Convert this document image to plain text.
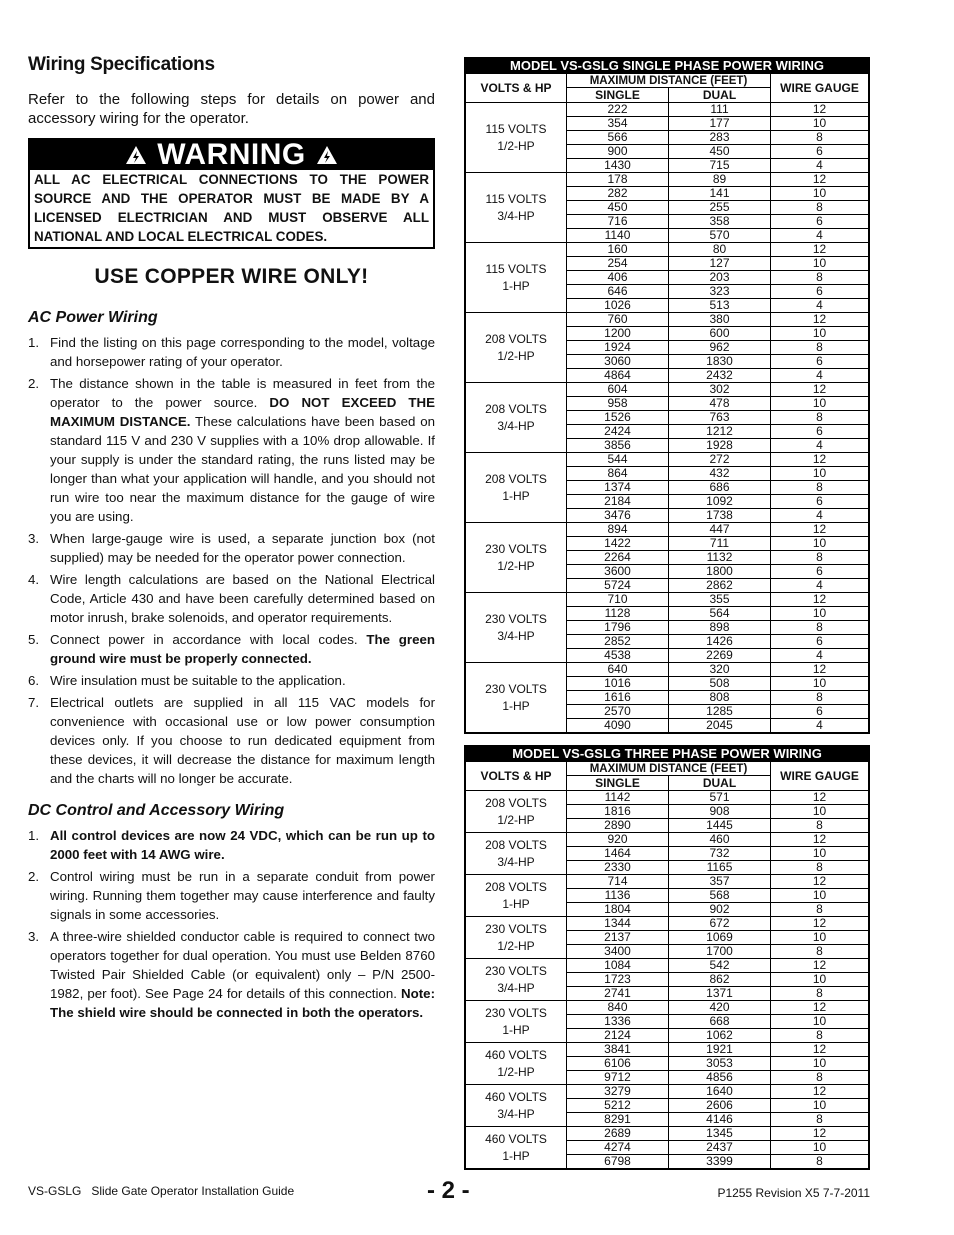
Wiring Specifications

Refer to the following steps for details on power and accessory wiring for the operator.

WARNING
ALL AC ELECTRICAL CONNECTIONS TO THE POWER SOURCE AND THE OPERATOR MUST BE MADE BY A LICENSED ELECTRICIAN AND MUST OBSERVE ALL NATIONAL AND LOCAL ELECTRICAL CODES.
USE COPPER WIRE ONLY!
AC Power Wiring
1. Find the listing on this page corresponding to the model, voltage and horsepower rating of your operator.
2. The distance shown in the table is measured in feet from the operator to the power source. DO NOT EXCEED THE MAXIMUM DISTANCE. These calculations have been based on standard 115 V and 230 V supplies with a 10% drop allowable. If your supply is under the standard rating, the runs listed may be longer than what your application will handle, and you should not run wire too near the maximum distance for the gauge of wire you are using.
3. When large-gauge wire is used, a separate junction box (not supplied) may be needed for the operator power connection.
4. Wire length calculations are based on the National Electrical Code, Article 430 and have been carefully determined based on motor inrush, brake solenoids, and operator requirements.
5. Connect power in accordance with local codes. The green ground wire must be properly connected.
6. Wire insulation must be suitable to the application.
7. Electrical outlets are supplied in all 115 VAC models for convenience with occasional use or low power consumption devices only. If you choose to run dedicated equipment from these devices, it will decrease the distance for maximum length and the charts will no longer be accurate.
DC Control and Accessory Wiring
1. All control devices are now 24 VDC, which can be run up to 2000 feet with 14 AWG wire.
2. Control wiring must be run in a separate conduit from power wiring. Running them together may cause interference and faulty signals in some accessories.
3. A three-wire shielded conductor cable is required to connect two operators together for dual operation. You must use Belden 8760 Twisted Pair Shielded Cable (or equivalent) only – P/N 2500-1982, per foot). See Page 24 for details of this connection. Note: The shield wire should be connected in both the operators.
MODEL VS-GSLG SINGLE PHASE POWER WIRING			
VOLTS & HP	MAXIMUM DISTANCE (FEET)		WIRE GAUGE
	SINGLE	DUAL	

115 VOLTS
1/2-HP	222	111	12
	354	177	10
	566	283	8
	900	450	6
	1430	715	4

115 VOLTS
3/4-HP	178	89	12
	282	141	10
	450	255	8
	716	358	6
	1140	570	4

115 VOLTS
1-HP	160	80	12
	254	127	10
	406	203	8
	646	323	6
	1026	513	4

208 VOLTS
1/2-HP	760	380	12
	1200	600	10
	1924	962	8
	3060	1830	6
	4864	2432	4

208 VOLTS
3/4-HP	604	302	12
	958	478	10
	1526	763	8
	2424	1212	6
	3856	1928	4

208 VOLTS
1-HP	544	272	12
	864	432	10
	1374	686	8
	2184	1092	6
	3476	1738	4

230 VOLTS
1/2-HP	894	447	12
	1422	711	10
	2264	1132	8
	3600	1800	6
	5724	2862	4

230 VOLTS
3/4-HP	710	355	12
	1128	564	10
	1796	898	8
	2852	1426	6
	4538	2269	4

230 VOLTS
1-HP	640	320	12
	1016	508	10
	1616	808	8
	2570	1285	6
	4090	2045	4
MODEL VS-GSLG THREE PHASE POWER WIRING			
VOLTS & HP	MAXIMUM DISTANCE (FEET)		WIRE GAUGE
	SINGLE	DUAL	

208 VOLTS
1/2-HP	1142	571	12
	1816	908	10
	2890	1445	8

208 VOLTS
3/4-HP	920	460	12
	1464	732	10
	2330	1165	8

208 VOLTS
1-HP	714	357	12
	1136	568	10
	1804	902	8

230 VOLTS
1/2-HP	1344	672	12
	2137	1069	10
	3400	1700	8

230 VOLTS
3/4-HP	1084	542	12
	1723	862	10
	2741	1371	8

230 VOLTS
1-HP	840	420	12
	1336	668	10
	2124	1062	8

460 VOLTS
1/2-HP	3841	1921	12
	6106	3053	10
	9712	4856	8

460 VOLTS
3/4-HP	3279	1640	12
	5212	2606	10
	8291	4146	8

460 VOLTS
1-HP	2689	1345	12
	4274	2437	10
	6798	3399	8
VS-GSLG   Slide Gate Operator Installation Guide	- 2 -	P1255 Revision X5 7-7-2011
